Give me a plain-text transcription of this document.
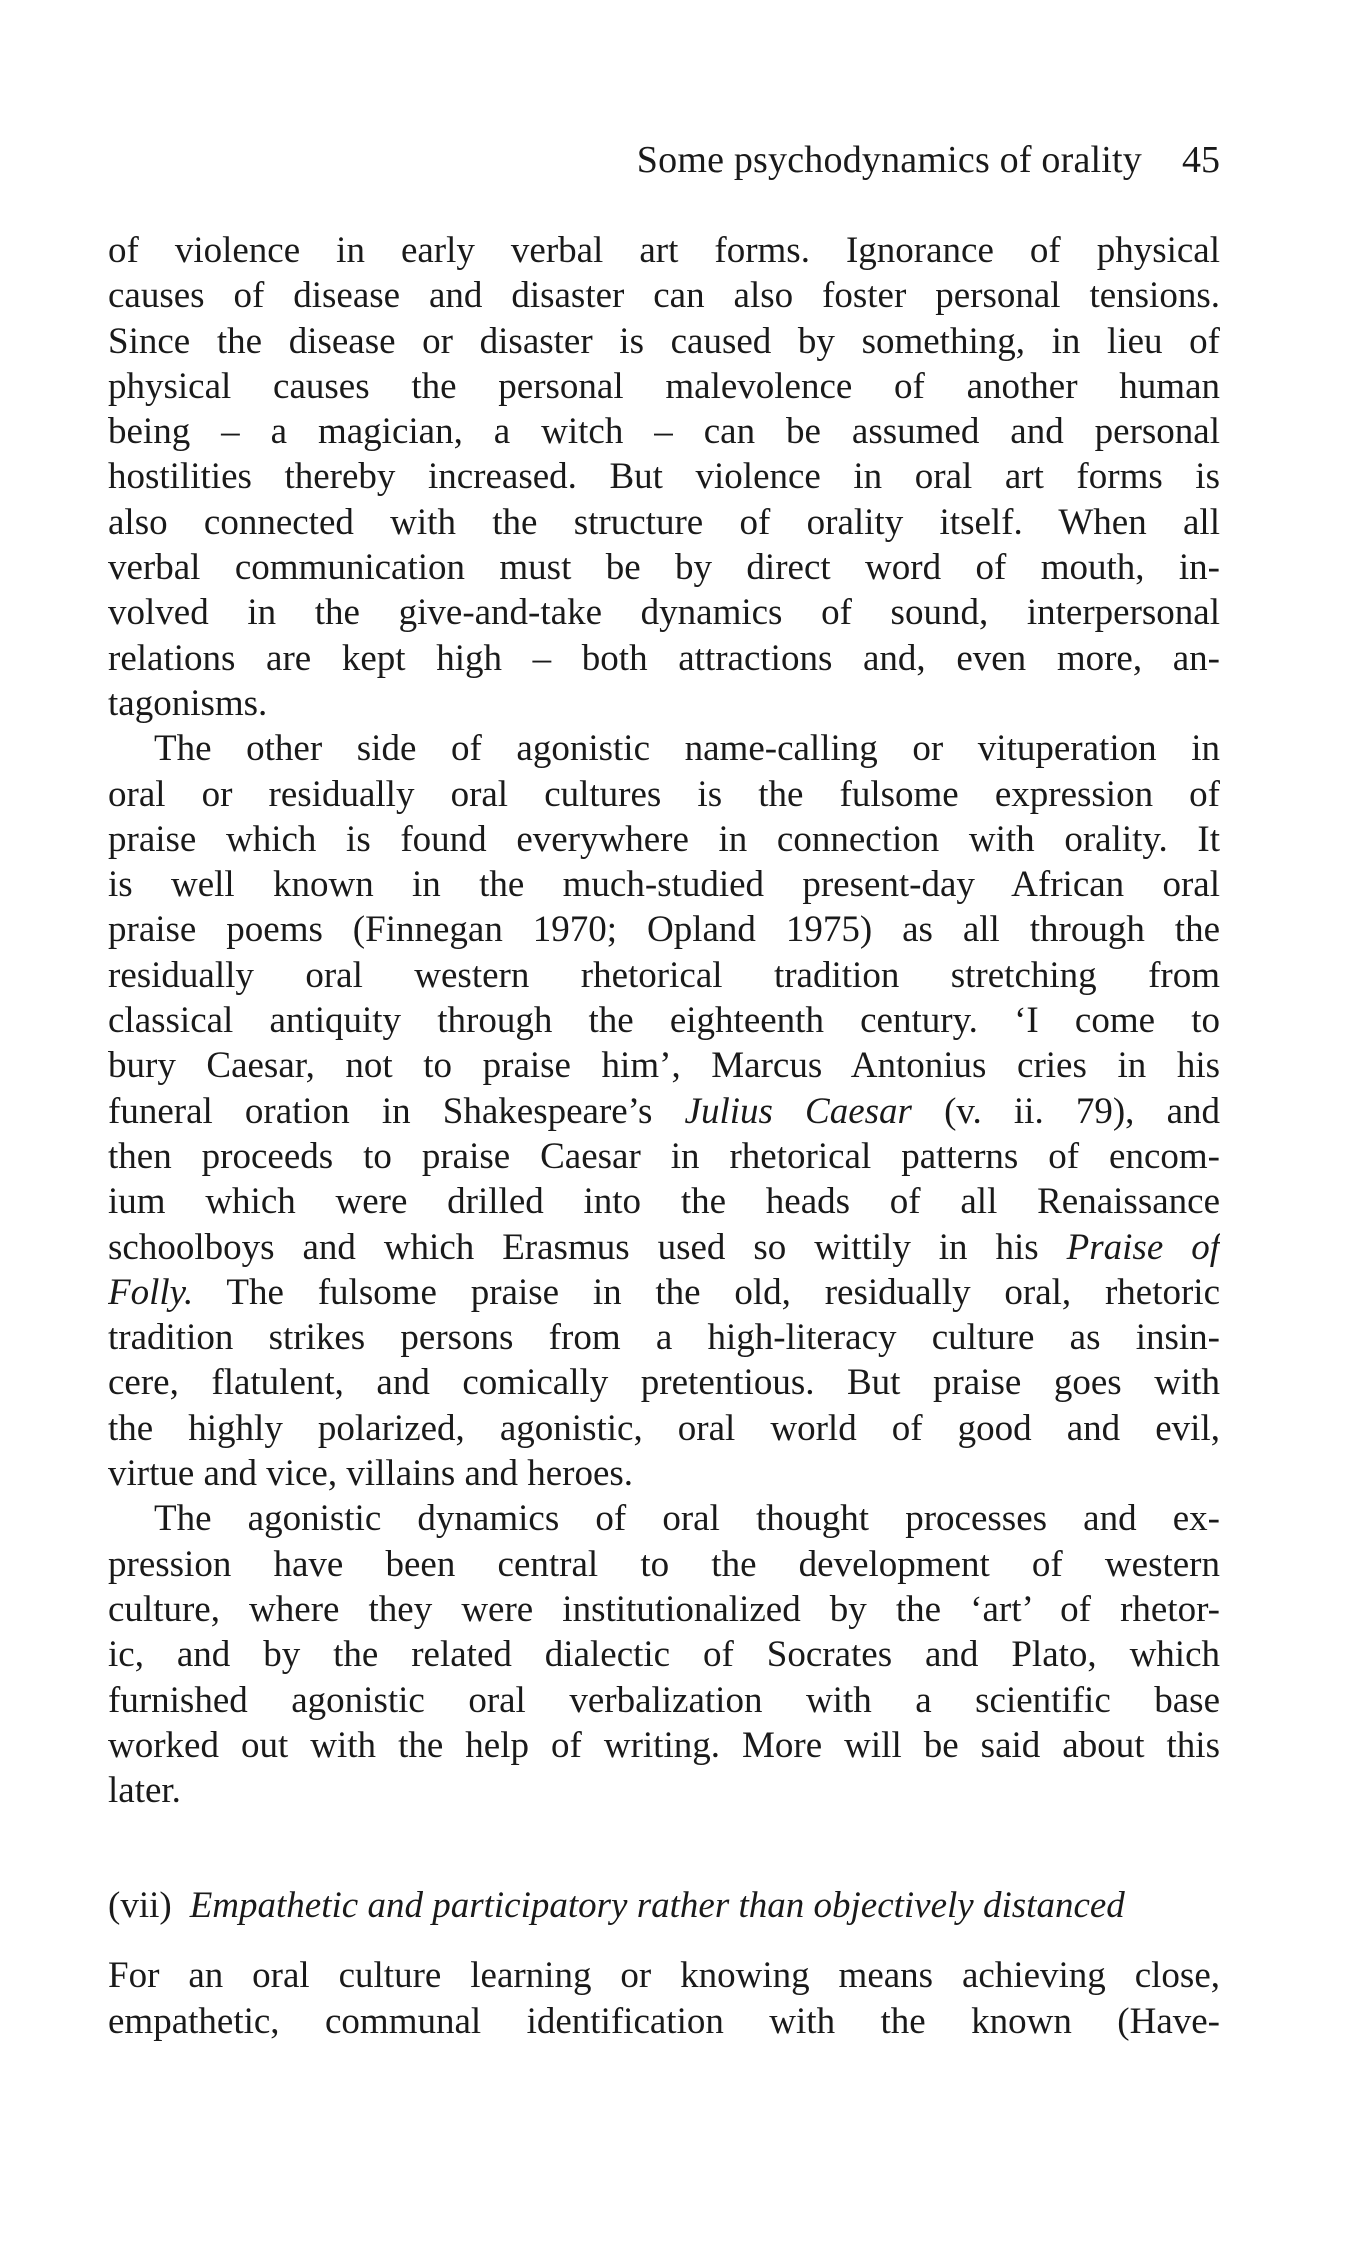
Some psychodynamics of orality 45
of violence in early verbal art forms. Ignorance of physical
causes of disease and disaster can also foster personal tensions.
Since the disease or disaster is caused by something, in lieu of
physical causes the personal malevolence of another human
being – a magician, a witch – can be assumed and personal
hostilities thereby increased. But violence in oral art forms is
also connected with the structure of orality itself. When all
verbal communication must be by direct word of mouth, in-
volved in the give-and-take dynamics of sound, interpersonal
relations are kept high – both attractions and, even more, an-
tagonisms.
The other side of agonistic name-calling or vituperation in
oral or residually oral cultures is the fulsome expression of
praise which is found everywhere in connection with orality. It
is well known in the much-studied present-day African oral
praise poems (Finnegan 1970; Opland 1975) as all through the
residually oral western rhetorical tradition stretching from
classical antiquity through the eighteenth century. ‘I come to
bury Caesar, not to praise him’, Marcus Antonius cries in his
funeral oration in Shakespeare’s Julius Caesar (v. ii. 79), and
then proceeds to praise Caesar in rhetorical patterns of encom-
ium which were drilled into the heads of all Renaissance
schoolboys and which Erasmus used so wittily in his Praise of
Folly. The fulsome praise in the old, residually oral, rhetoric
tradition strikes persons from a high-literacy culture as insin-
cere, flatulent, and comically pretentious. But praise goes with
the highly polarized, agonistic, oral world of good and evil,
virtue and vice, villains and heroes.
The agonistic dynamics of oral thought processes and ex-
pression have been central to the development of western
culture, where they were institutionalized by the ‘art’ of rhetor-
ic, and by the related dialectic of Socrates and Plato, which
furnished agonistic oral verbalization with a scientific base
worked out with the help of writing. More will be said about this
later.
(vii) Empathetic and participatory rather than objectively distanced
For an oral culture learning or knowing means achieving close,
empathetic, communal identification with the known (Have-
